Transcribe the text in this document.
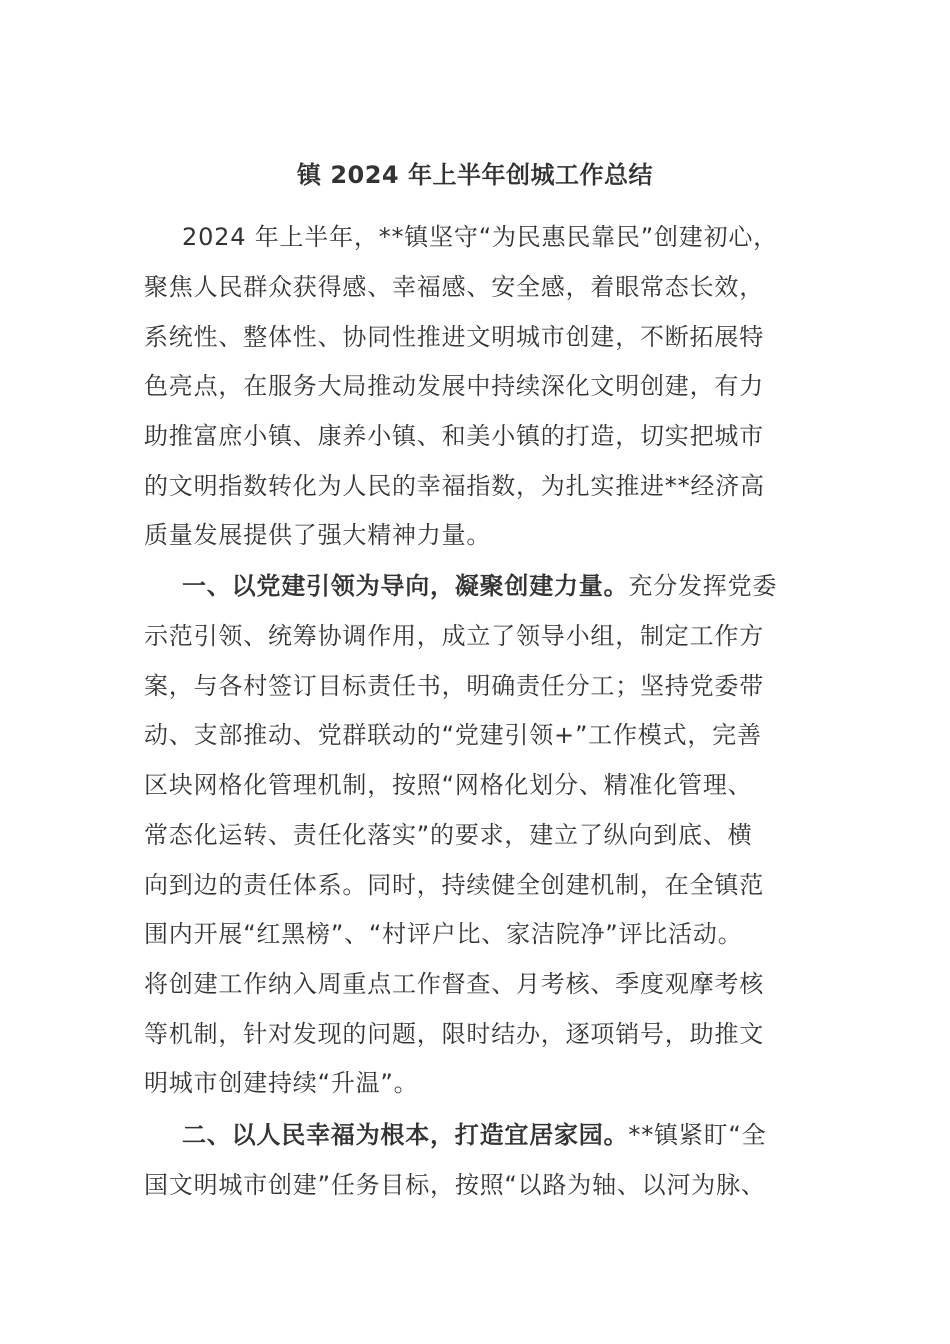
镇 2024 年上半年创城工作总结
2024 年上半年，**镇坚守“为民惠民靠民”创建初心，
聚焦人民群众获得感、幸福感、安全感，着眼常态长效，
系统性、整体性、协同性推进文明城市创建，不断拓展特
色亮点，在服务大局推动发展中持续深化文明创建，有力
助推富庶小镇、康养小镇、和美小镇的打造，切实把城市
的文明指数转化为人民的幸福指数，为扎实推进**经济高
质量发展提供了强大精神力量。
一、以党建引领为导向，凝聚创建力量。充分发挥党委
示范引领、统筹协调作用，成立了领导小组，制定工作方
案，与各村签订目标责任书，明确责任分工；坚持党委带
动、支部推动、党群联动的“党建引领+”工作模式，完善
区块网格化管理机制，按照“网格化划分、精准化管理、
常态化运转、责任化落实”的要求，建立了纵向到底、横
向到边的责任体系。同时，持续健全创建机制，在全镇范
围内开展“红黑榜”、“村评户比、家洁院净”评比活动。
将创建工作纳入周重点工作督查、月考核、季度观摩考核
等机制，针对发现的问题，限时结办，逐项销号，助推文
明城市创建持续“升温”。
二、以人民幸福为根本，打造宜居家园。**镇紧盯“全
国文明城市创建”任务目标，按照“以路为轴、以河为脉、
